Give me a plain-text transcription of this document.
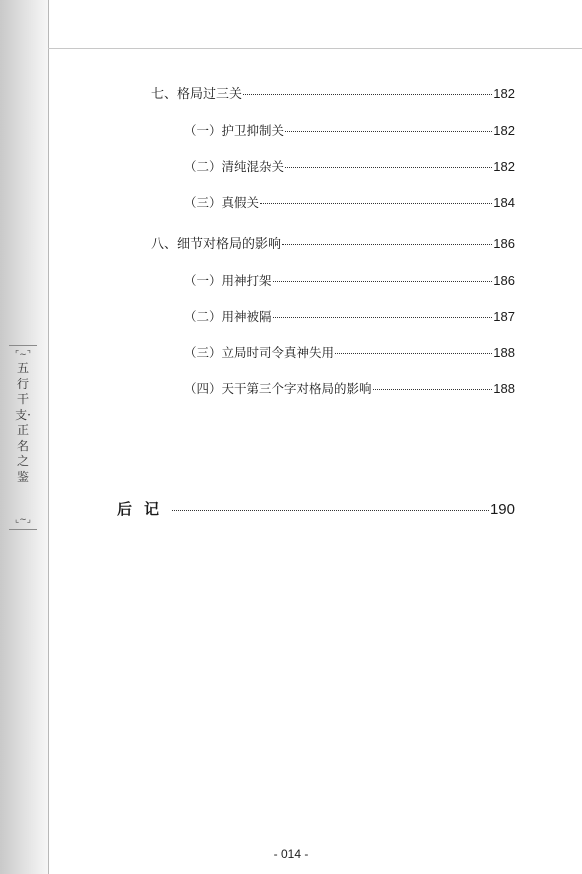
⌜~⌝
五行干支·正名之鉴
⌞~⌟
七、格局过三关	182
（一）护卫抑制关	182
（二）清纯混杂关	182
（三）真假关	184
八、细节对格局的影响	186
（一）用神打架	186
（二）用神被隔	187
（三）立局时司令真神失用	188
（四）天干第三个字对格局的影响	188
后记	190
- 014 -
